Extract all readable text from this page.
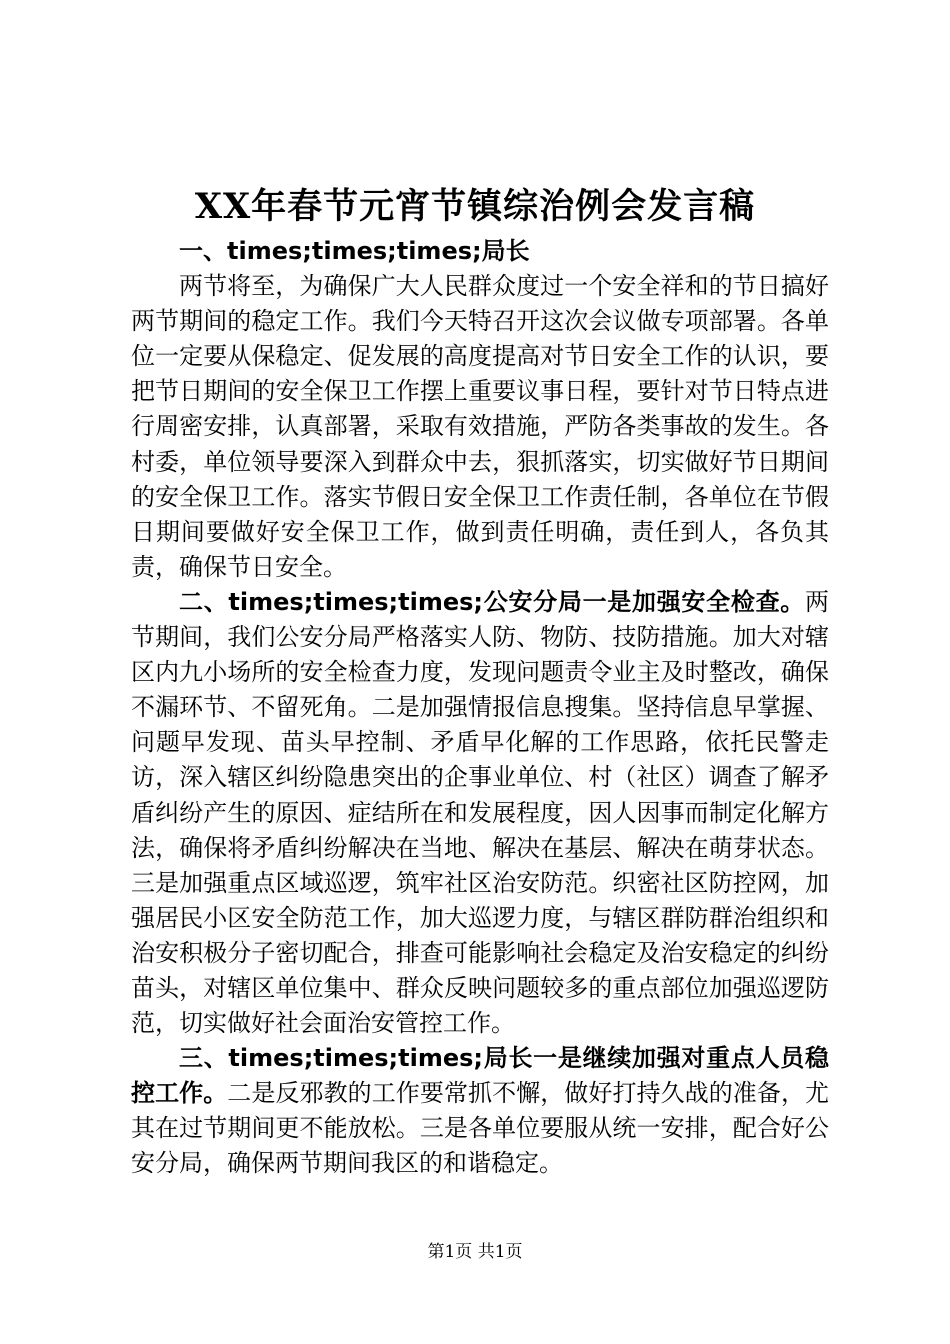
XX年春节元宵节镇综治例会发言稿

一、times;times;times;局长

两节将至，为确保广大人民群众度过一个安全祥和的节日搞好两节期间的稳定工作。我们今天特召开这次会议做专项部署。各单位一定要从保稳定、促发展的高度提高对节日安全工作的认识，要把节日期间的安全保卫工作摆上重要议事日程，要针对节日特点进行周密安排，认真部署，采取有效措施，严防各类事故的发生。各村委，单位领导要深入到群众中去，狠抓落实，切实做好节日期间的安全保卫工作。落实节假日安全保卫工作责任制，各单位在节假日期间要做好安全保卫工作，做到责任明确，责任到人，各负其责，确保节日安全。

二、times;times;times;公安分局一是加强安全检查。两节期间，我们公安分局严格落实人防、物防、技防措施。加大对辖区内九小场所的安全检查力度，发现问题责令业主及时整改，确保不漏环节、不留死角。二是加强情报信息搜集。坚持信息早掌握、问题早发现、苗头早控制、矛盾早化解的工作思路，依托民警走访，深入辖区纠纷隐患突出的企事业单位、村（社区）调查了解矛盾纠纷产生的原因、症结所在和发展程度，因人因事而制定化解方法，确保将矛盾纠纷解决在当地、解决在基层、解决在萌芽状态。三是加强重点区域巡逻，筑牢社区治安防范。织密社区防控网，加强居民小区安全防范工作，加大巡逻力度，与辖区群防群治组织和治安积极分子密切配合，排查可能影响社会稳定及治安稳定的纠纷苗头，对辖区单位集中、群众反映问题较多的重点部位加强巡逻防范，切实做好社会面治安管控工作。

三、times;times;times;局长一是继续加强对重点人员稳控工作。二是反邪教的工作要常抓不懈，做好打持久战的准备，尤其在过节期间更不能放松。三是各单位要服从统一安排，配合好公安分局，确保两节期间我区的和谐稳定。

第1页 共1页
